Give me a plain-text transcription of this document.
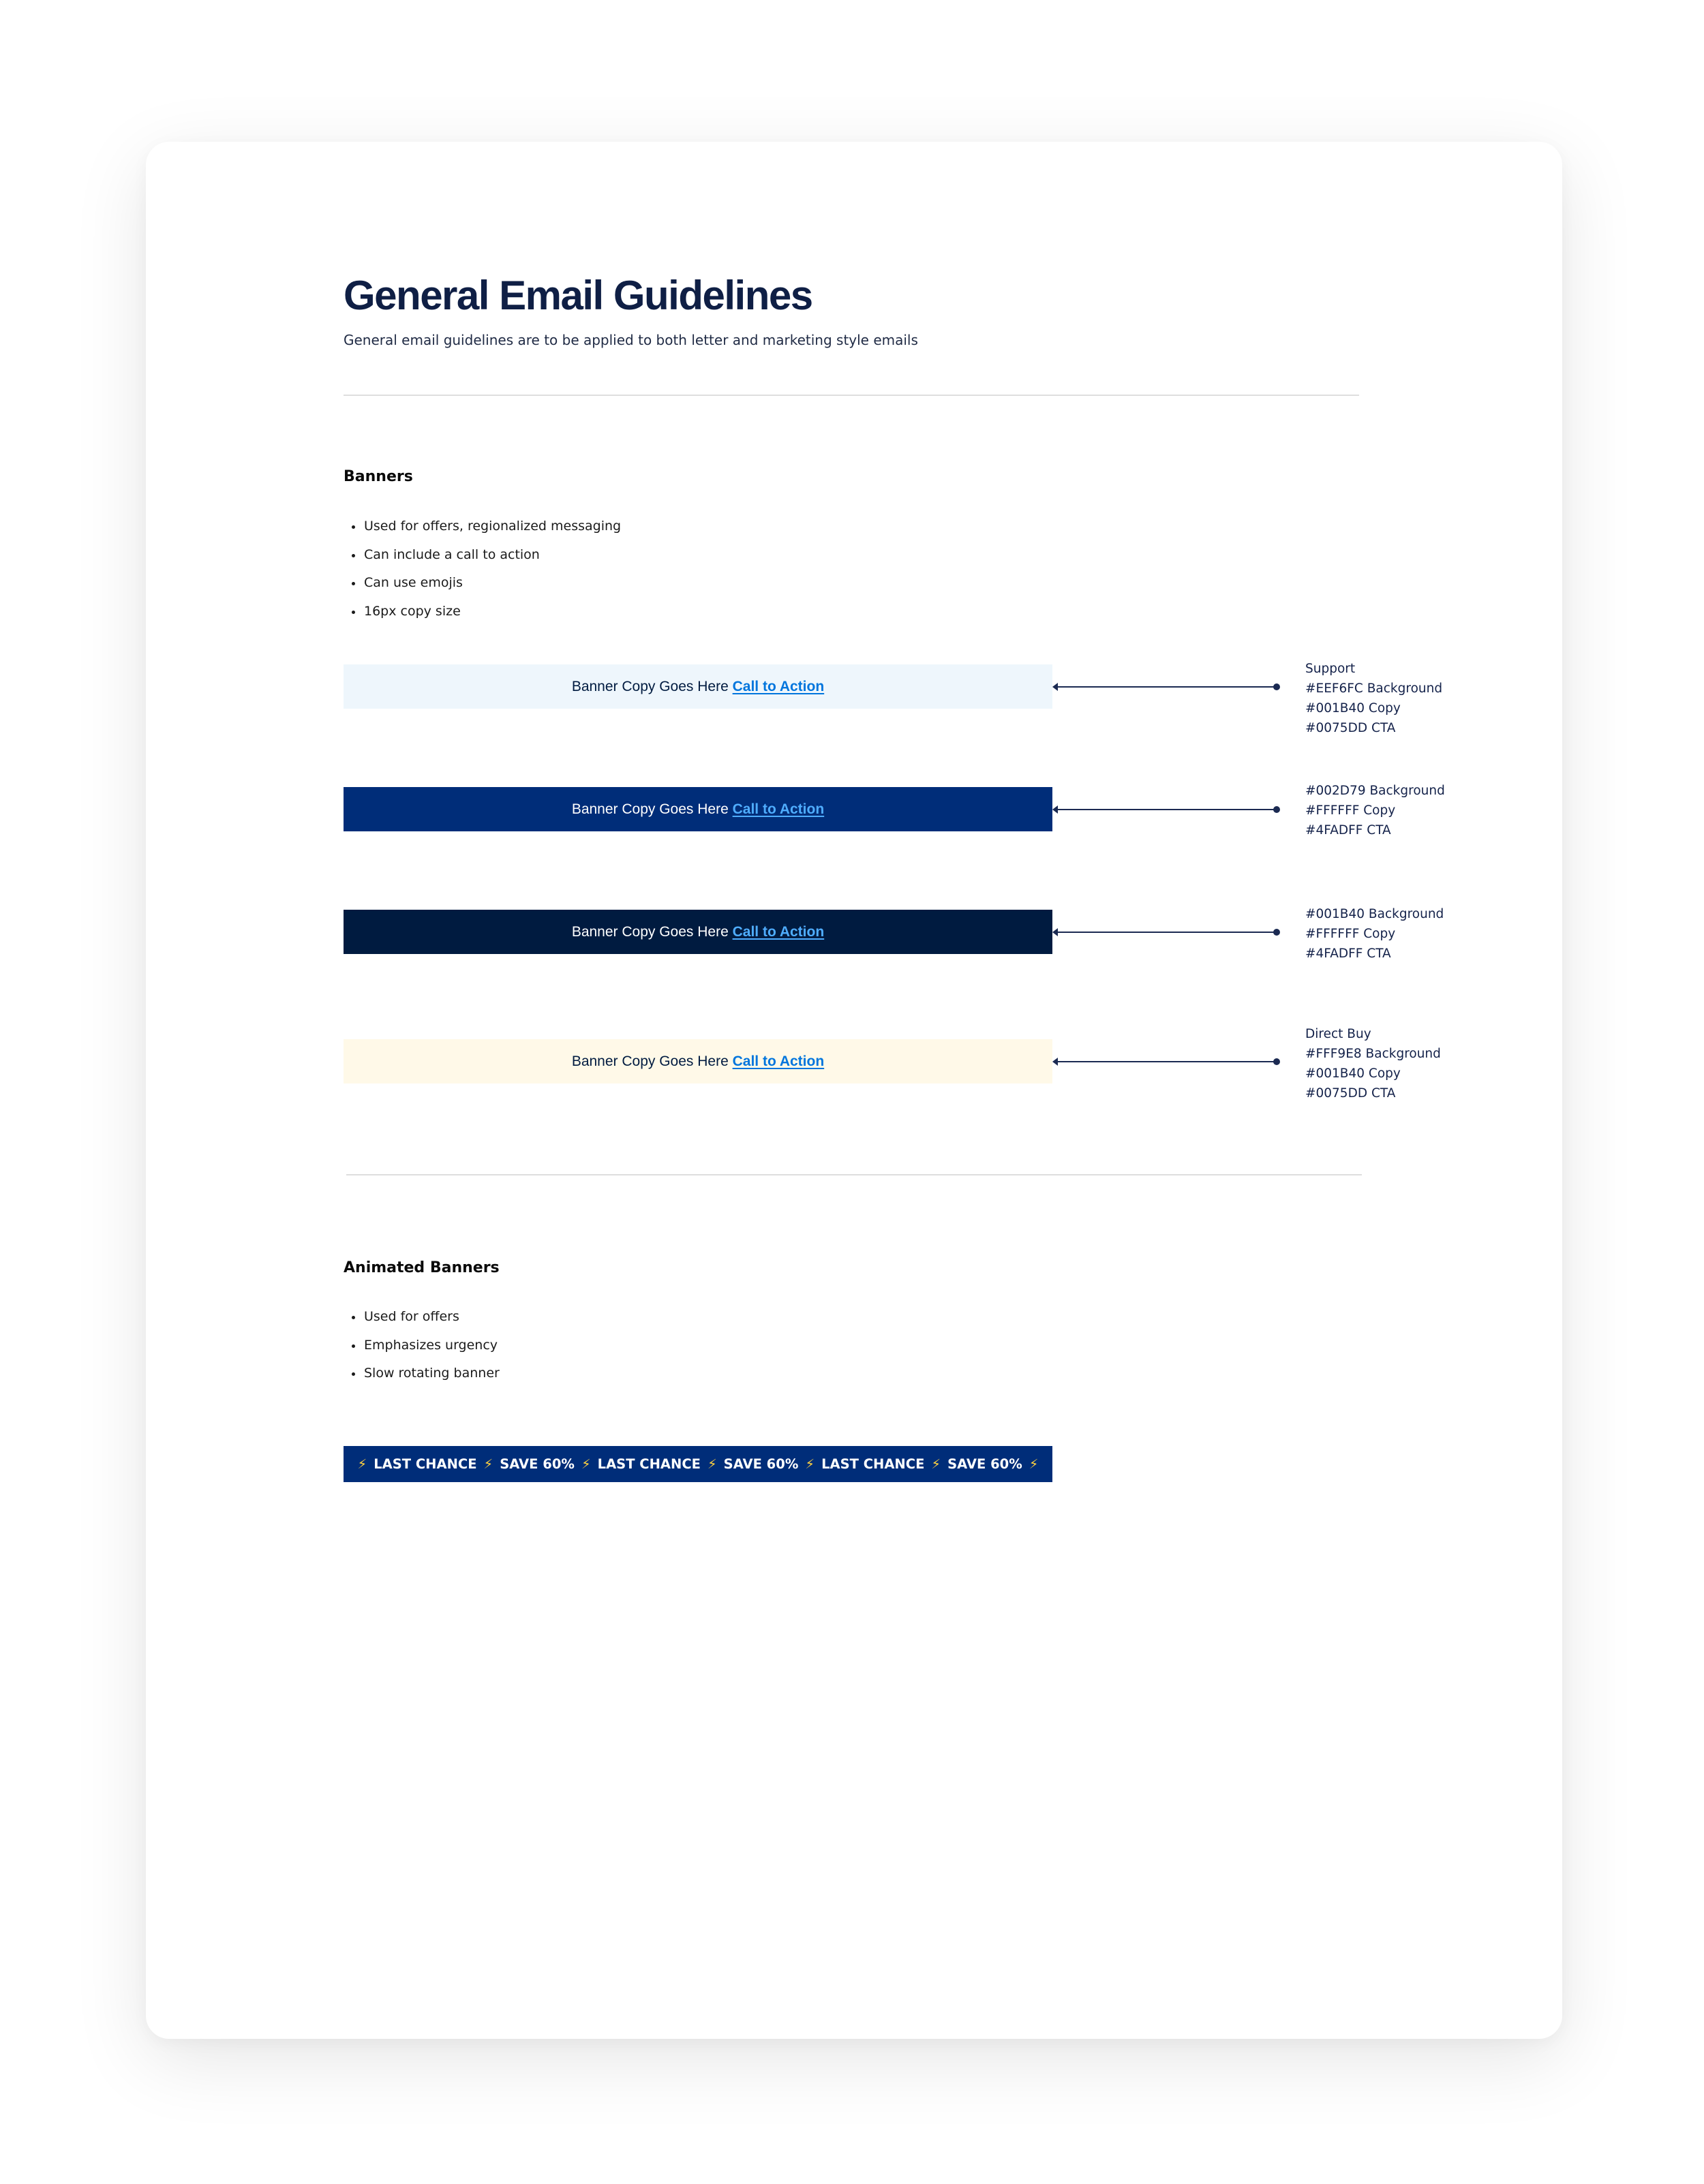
General Email Guidelines
General email guidelines are to be applied to both letter and marketing style emails
Banners
Used for offers, regionalized messaging
Can include a call to action
Can use emojis
16px copy size
Banner Copy Goes Here Call to Action
Support
#EEF6FC Background
#001B40 Copy
#0075DD CTA
Banner Copy Goes Here Call to Action
#002D79 Background
#FFFFFF Copy
#4FADFF CTA
Banner Copy Goes Here Call to Action
#001B40 Background
#FFFFFF Copy
#4FADFF CTA
Banner Copy Goes Here Call to Action
Direct Buy
#FFF9E8 Background
#001B40 Copy
#0075DD CTA
Animated Banners
Used for offers
Emphasizes urgency
Slow rotating banner
⚡ LAST CHANCE ⚡ SAVE 60% ⚡ LAST CHANCE ⚡ SAVE 60% ⚡ LAST CHANCE ⚡ SAVE 60% ⚡
